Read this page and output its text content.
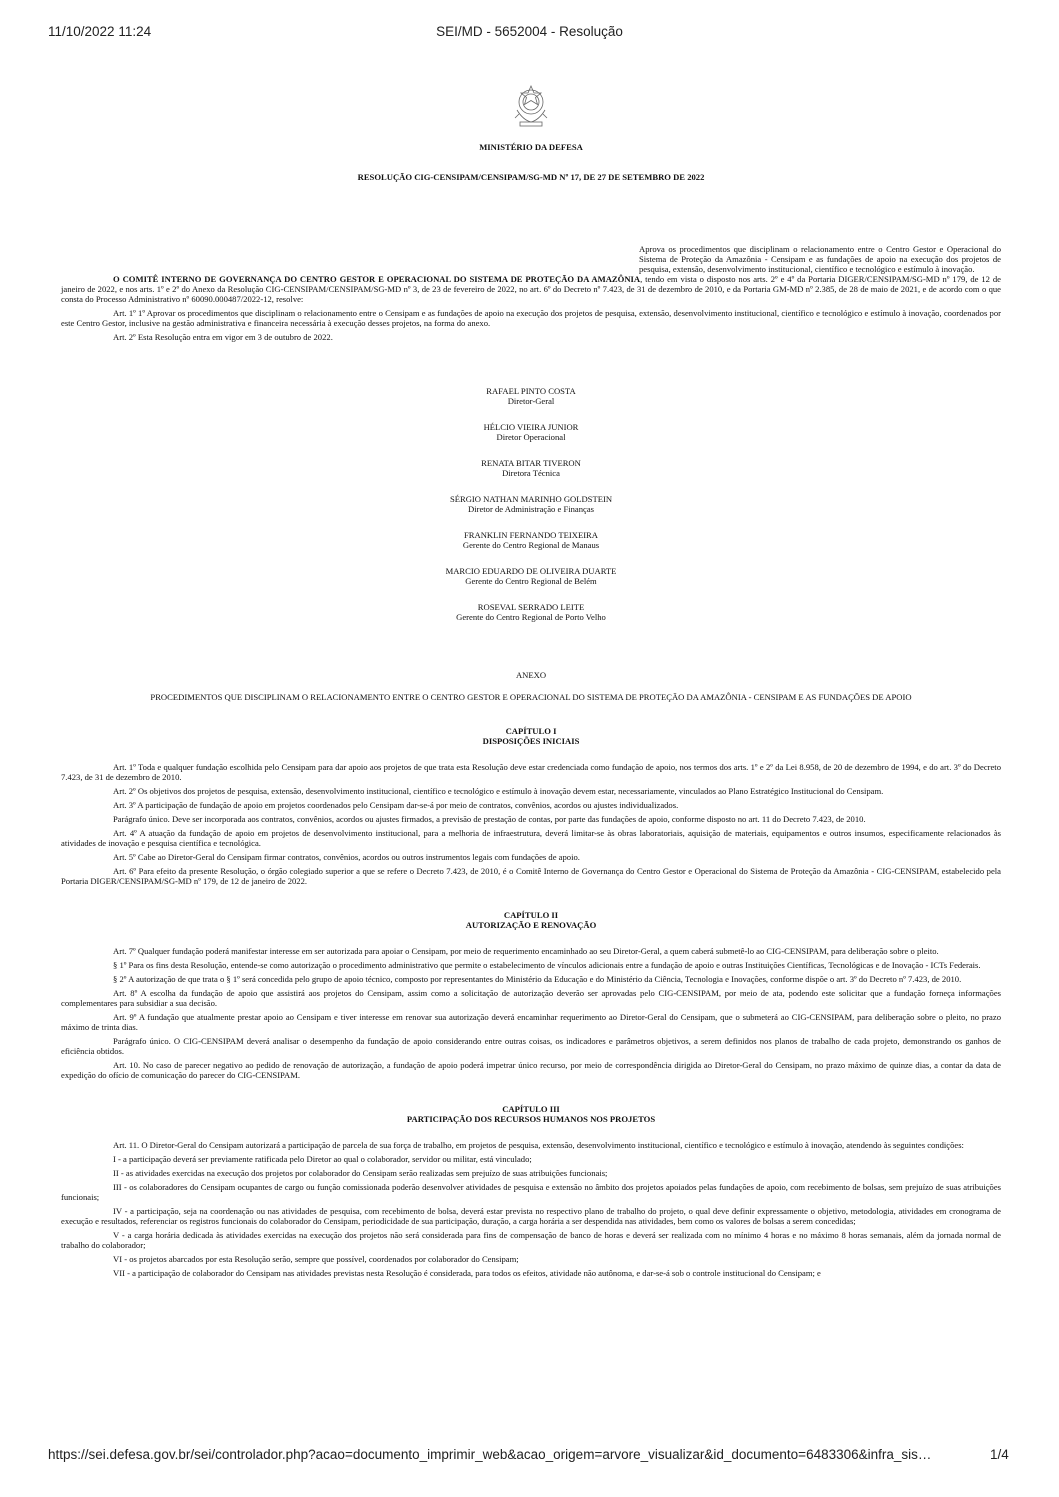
11/10/2022 11:24	SEI/MD - 5652004 - Resolução
MINISTÉRIO DA DEFESA
RESOLUÇÃO CIG-CENSIPAM/CENSIPAM/SG-MD Nº 17, DE 27 DE SETEMBRO DE 2022
Aprova os procedimentos que disciplinam o relacionamento entre o Centro Gestor e Operacional do Sistema de Proteção da Amazônia - Censipam e as fundações de apoio na execução dos projetos de pesquisa, extensão, desenvolvimento institucional, científico e tecnológico e estímulo à inovação.

O COMITÊ INTERNO DE GOVERNANÇA DO CENTRO GESTOR E OPERACIONAL DO SISTEMA DE PROTEÇÃO DA AMAZÔNIA, tendo em vista o disposto nos arts. 2º e 4º da Portaria DIGER/CENSIPAM/SG-MD nº 179, de 12 de janeiro de 2022, e nos arts. 1º e 2º do Anexo da Resolução CIG-CENSIPAM/CENSIPAM/SG-MD nº 3, de 23 de fevereiro de 2022, no art. 6º do Decreto nº 7.423, de 31 de dezembro de 2010, e da Portaria GM-MD nº 2.385, de 28 de maio de 2021, e de acordo com o que consta do Processo Administrativo nº 60090.000487/2022-12, resolve:

Art. 1º 1º Aprovar os procedimentos que disciplinam o relacionamento entre o Censipam e as fundações de apoio na execução dos projetos de pesquisa, extensão, desenvolvimento institucional, científico e tecnológico e estímulo à inovação, coordenados por este Centro Gestor, inclusive na gestão administrativa e financeira necessária à execução desses projetos, na forma do anexo.

Art. 2º Esta Resolução entra em vigor em 3 de outubro de 2022.

RAFAEL PINTO COSTA
Diretor-Geral
HÉLCIO VIEIRA JUNIOR
Diretor Operacional
RENATA BITAR TIVERON
Diretora Técnica
SÉRGIO NATHAN MARINHO GOLDSTEIN
Diretor de Administração e Finanças
FRANKLIN FERNANDO TEIXEIRA
Gerente do Centro Regional de Manaus
MARCIO EDUARDO DE OLIVEIRA DUARTE
Gerente do Centro Regional de Belém
ROSEVAL SERRADO LEITE
Gerente do Centro Regional de Porto Velho
ANEXO
PROCEDIMENTOS QUE DISCIPLINAM O RELACIONAMENTO ENTRE O CENTRO GESTOR E OPERACIONAL DO SISTEMA DE PROTEÇÃO DA AMAZÔNIA - CENSIPAM E AS FUNDAÇÕES DE APOIO
CAPÍTULO I
DISPOSIÇÕES INICIAIS

Art. 1º Toda e qualquer fundação escolhida pelo Censipam para dar apoio aos projetos de que trata esta Resolução deve estar credenciada como fundação de apoio, nos termos dos arts. 1º e 2º da Lei 8.958, de 20 de dezembro de 1994, e do art. 3º do Decreto 7.423, de 31 de dezembro de 2010.

Art. 2º Os objetivos dos projetos de pesquisa, extensão, desenvolvimento institucional, científico e tecnológico e estímulo à inovação devem estar, necessariamente, vinculados ao Plano Estratégico Institucional do Censipam.

Art. 3º A participação de fundação de apoio em projetos coordenados pelo Censipam dar-se-á por meio de contratos, convênios, acordos ou ajustes individualizados.

Parágrafo único. Deve ser incorporada aos contratos, convênios, acordos ou ajustes firmados, a previsão de prestação de contas, por parte das fundações de apoio, conforme disposto no art. 11 do Decreto 7.423, de 2010.

Art. 4º A atuação da fundação de apoio em projetos de desenvolvimento institucional, para a melhoria de infraestrutura, deverá limitar-se às obras laboratoriais, aquisição de materiais, equipamentos e outros insumos, especificamente relacionados às atividades de inovação e pesquisa científica e tecnológica.

Art. 5º Cabe ao Diretor-Geral do Censipam firmar contratos, convênios, acordos ou outros instrumentos legais com fundações de apoio.

Art. 6º Para efeito da presente Resolução, o órgão colegiado superior a que se refere o Decreto 7.423, de 2010, é o Comitê Interno de Governança do Centro Gestor e Operacional do Sistema de Proteção da Amazônia - CIG-CENSIPAM, estabelecido pela Portaria DIGER/CENSIPAM/SG-MD nº 179, de 12 de janeiro de 2022.

CAPÍTULO II
AUTORIZAÇÃO E RENOVAÇÃO

Art. 7º Qualquer fundação poderá manifestar interesse em ser autorizada para apoiar o Censipam, por meio de requerimento encaminhado ao seu Diretor-Geral, a quem caberá submetê-lo ao CIG-CENSIPAM, para deliberação sobre o pleito.

§ 1º Para os fins desta Resolução, entende-se como autorização o procedimento administrativo que permite o estabelecimento de vínculos adicionais entre a fundação de apoio e outras Instituições Científicas, Tecnológicas e de Inovação - ICTs Federais.

§ 2º A autorização de que trata o § 1º será concedida pelo grupo de apoio técnico, composto por representantes do Ministério da Educação e do Ministério da Ciência, Tecnologia e Inovações, conforme dispõe o art. 3º do Decreto nº 7.423, de 2010.

Art. 8º A escolha da fundação de apoio que assistirá aos projetos do Censipam, assim como a solicitação de autorização deverão ser aprovadas pelo CIG-CENSIPAM, por meio de ata, podendo este solicitar que a fundação forneça informações complementares para subsidiar a sua decisão.

Art. 9º A fundação que atualmente prestar apoio ao Censipam e tiver interesse em renovar sua autorização deverá encaminhar requerimento ao Diretor-Geral do Censipam, que o submeterá ao CIG-CENSIPAM, para deliberação sobre o pleito, no prazo máximo de trinta dias.

Parágrafo único. O CIG-CENSIPAM deverá analisar o desempenho da fundação de apoio considerando entre outras coisas, os indicadores e parâmetros objetivos, a serem definidos nos planos de trabalho de cada projeto, demonstrando os ganhos de eficiência obtidos.

Art. 10. No caso de parecer negativo ao pedido de renovação de autorização, a fundação de apoio poderá impetrar único recurso, por meio de correspondência dirigida ao Diretor-Geral do Censipam, no prazo máximo de quinze dias, a contar da data de expedição do ofício de comunicação do parecer do CIG-CENSIPAM.

CAPÍTULO III
PARTICIPAÇÃO DOS RECURSOS HUMANOS NOS PROJETOS

Art. 11. O Diretor-Geral do Censipam autorizará a participação de parcela de sua força de trabalho, em projetos de pesquisa, extensão, desenvolvimento institucional, científico e tecnológico e estímulo à inovação, atendendo às seguintes condições:

I - a participação deverá ser previamente ratificada pelo Diretor ao qual o colaborador, servidor ou militar, está vinculado;

II - as atividades exercidas na execução dos projetos por colaborador do Censipam serão realizadas sem prejuízo de suas atribuições funcionais;

III - os colaboradores do Censipam ocupantes de cargo ou função comissionada poderão desenvolver atividades de pesquisa e extensão no âmbito dos projetos apoiados pelas fundações de apoio, com recebimento de bolsas, sem prejuízo de suas atribuições funcionais;

IV - a participação, seja na coordenação ou nas atividades de pesquisa, com recebimento de bolsa, deverá estar prevista no respectivo plano de trabalho do projeto, o qual deve definir expressamente o objetivo, metodologia, atividades em cronograma de execução e resultados, referenciar os registros funcionais do colaborador do Censipam, periodicidade de sua participação, duração, a carga horária a ser despendida nas atividades, bem como os valores de bolsas a serem concedidas;

V - a carga horária dedicada às atividades exercidas na execução dos projetos não será considerada para fins de compensação de banco de horas e deverá ser realizada com no mínimo 4 horas e no máximo 8 horas semanais, além da jornada normal de trabalho do colaborador;

VI - os projetos abarcados por esta Resolução serão, sempre que possível, coordenados por colaborador do Censipam;

VII - a participação de colaborador do Censipam nas atividades previstas nesta Resolução é considerada, para todos os efeitos, atividade não autônoma, e dar-se-á sob o controle institucional do Censipam; e

https://sei.defesa.gov.br/sei/controlador.php?acao=documento_imprimir_web&acao_origem=arvore_visualizar&id_documento=6483306&infra_sis…	1/4
